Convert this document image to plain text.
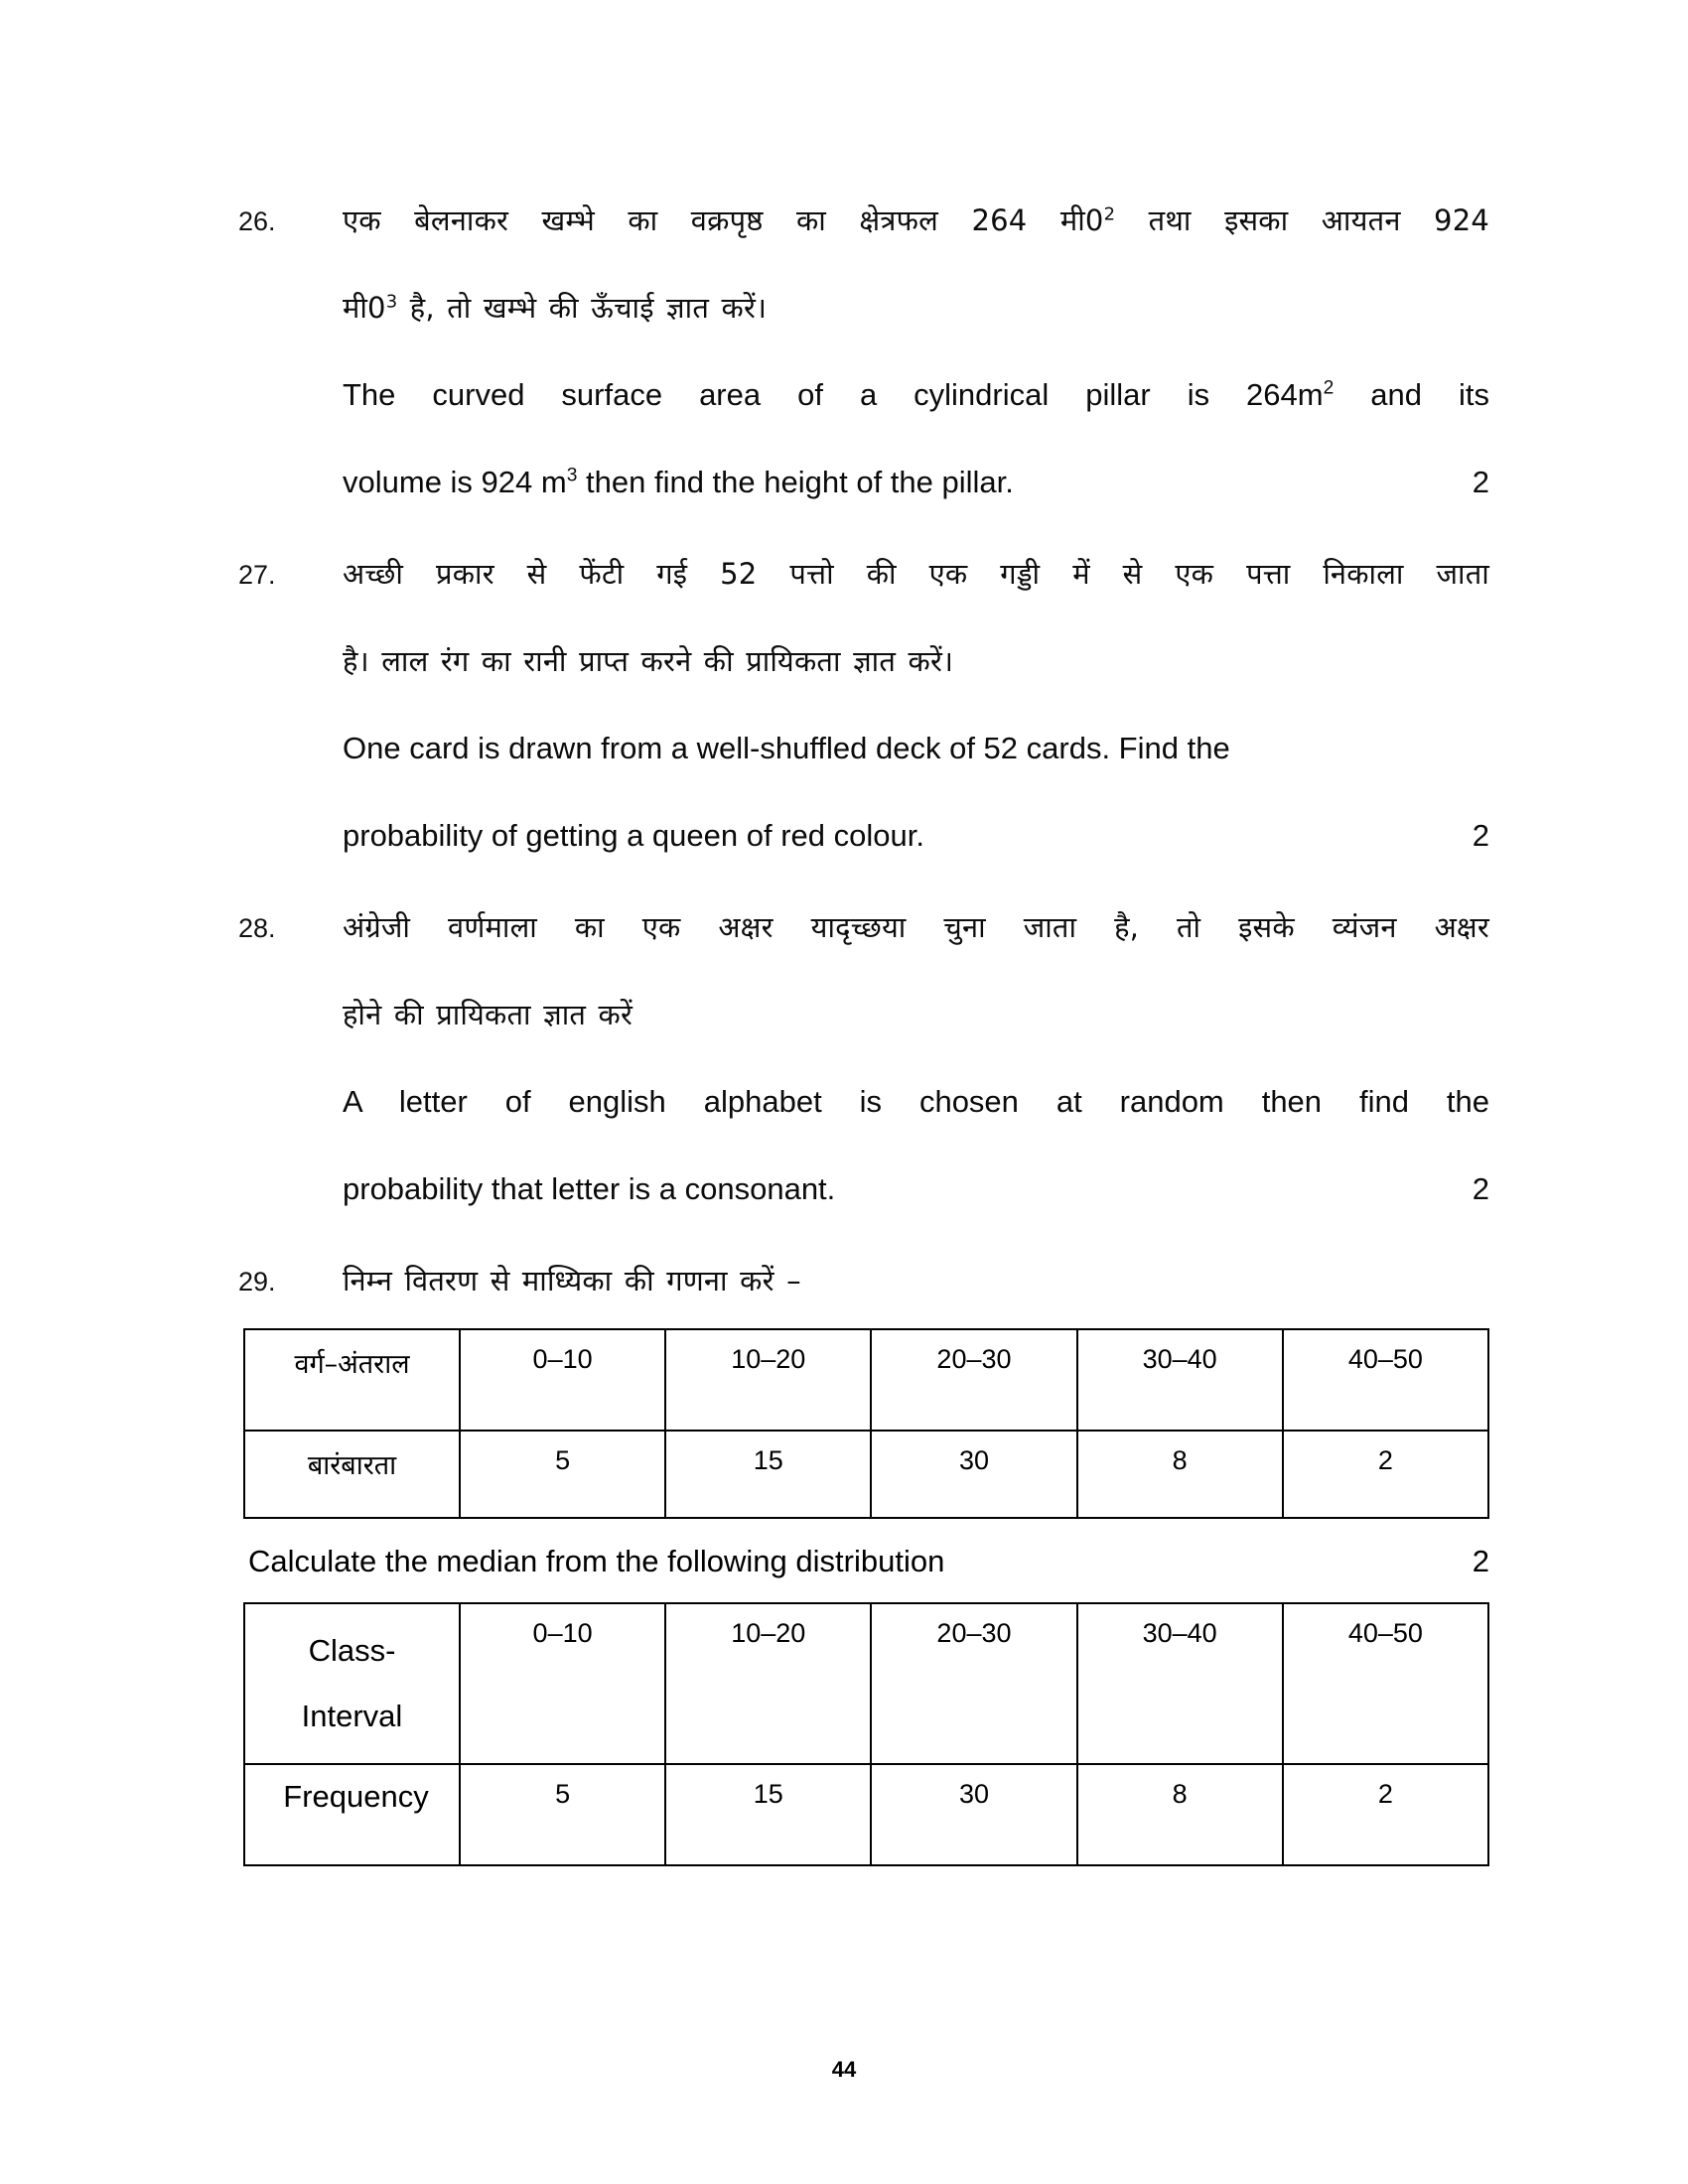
26.	एक बेलनाकर खम्भे का वक्रपृष्ठ का क्षेत्रफल 264 $मी0^2$ तथा इसका आयतन 924
$मी0^3$ है, तो खम्भे की ऊँचाई ज्ञात करें।
The curved surface area of a cylindrical pillar is $264m^2$ and its
2
volume is 924 $m^3$ then find the height of the pillar.
27.	अच्छी प्रकार से फेंटी गई 52 पत्तो की एक गड्डी में से एक पत्ता निकाला जाता
है। लाल रंग का रानी प्राप्त करने की प्रायिकता ज्ञात करें।
One card is drawn from a well-shuffled deck of 52 cards. Find the
2
probability of getting a queen of red colour.
28.	अंग्रेजी वर्णमाला का एक अक्षर यादृच्छया चुना जाता है, तो इसके व्यंजन अक्षर
होने की प्रायिकता ज्ञात करें
A letter of english alphabet is chosen at random then find the
2
probability that letter is a consonant.
29.	निम्न वितरण से माध्यिका की गणना करें –
वर्ग–अंतराल	0–10	10–20	20–30	30–40	40–50

बारंबारता	5	15	30	8	2
2
Calculate the median from the following distribution
Class-
Interval	0–10	10–20	20–30	30–40	40–50

Frequency	5	15	30	8	2
44
